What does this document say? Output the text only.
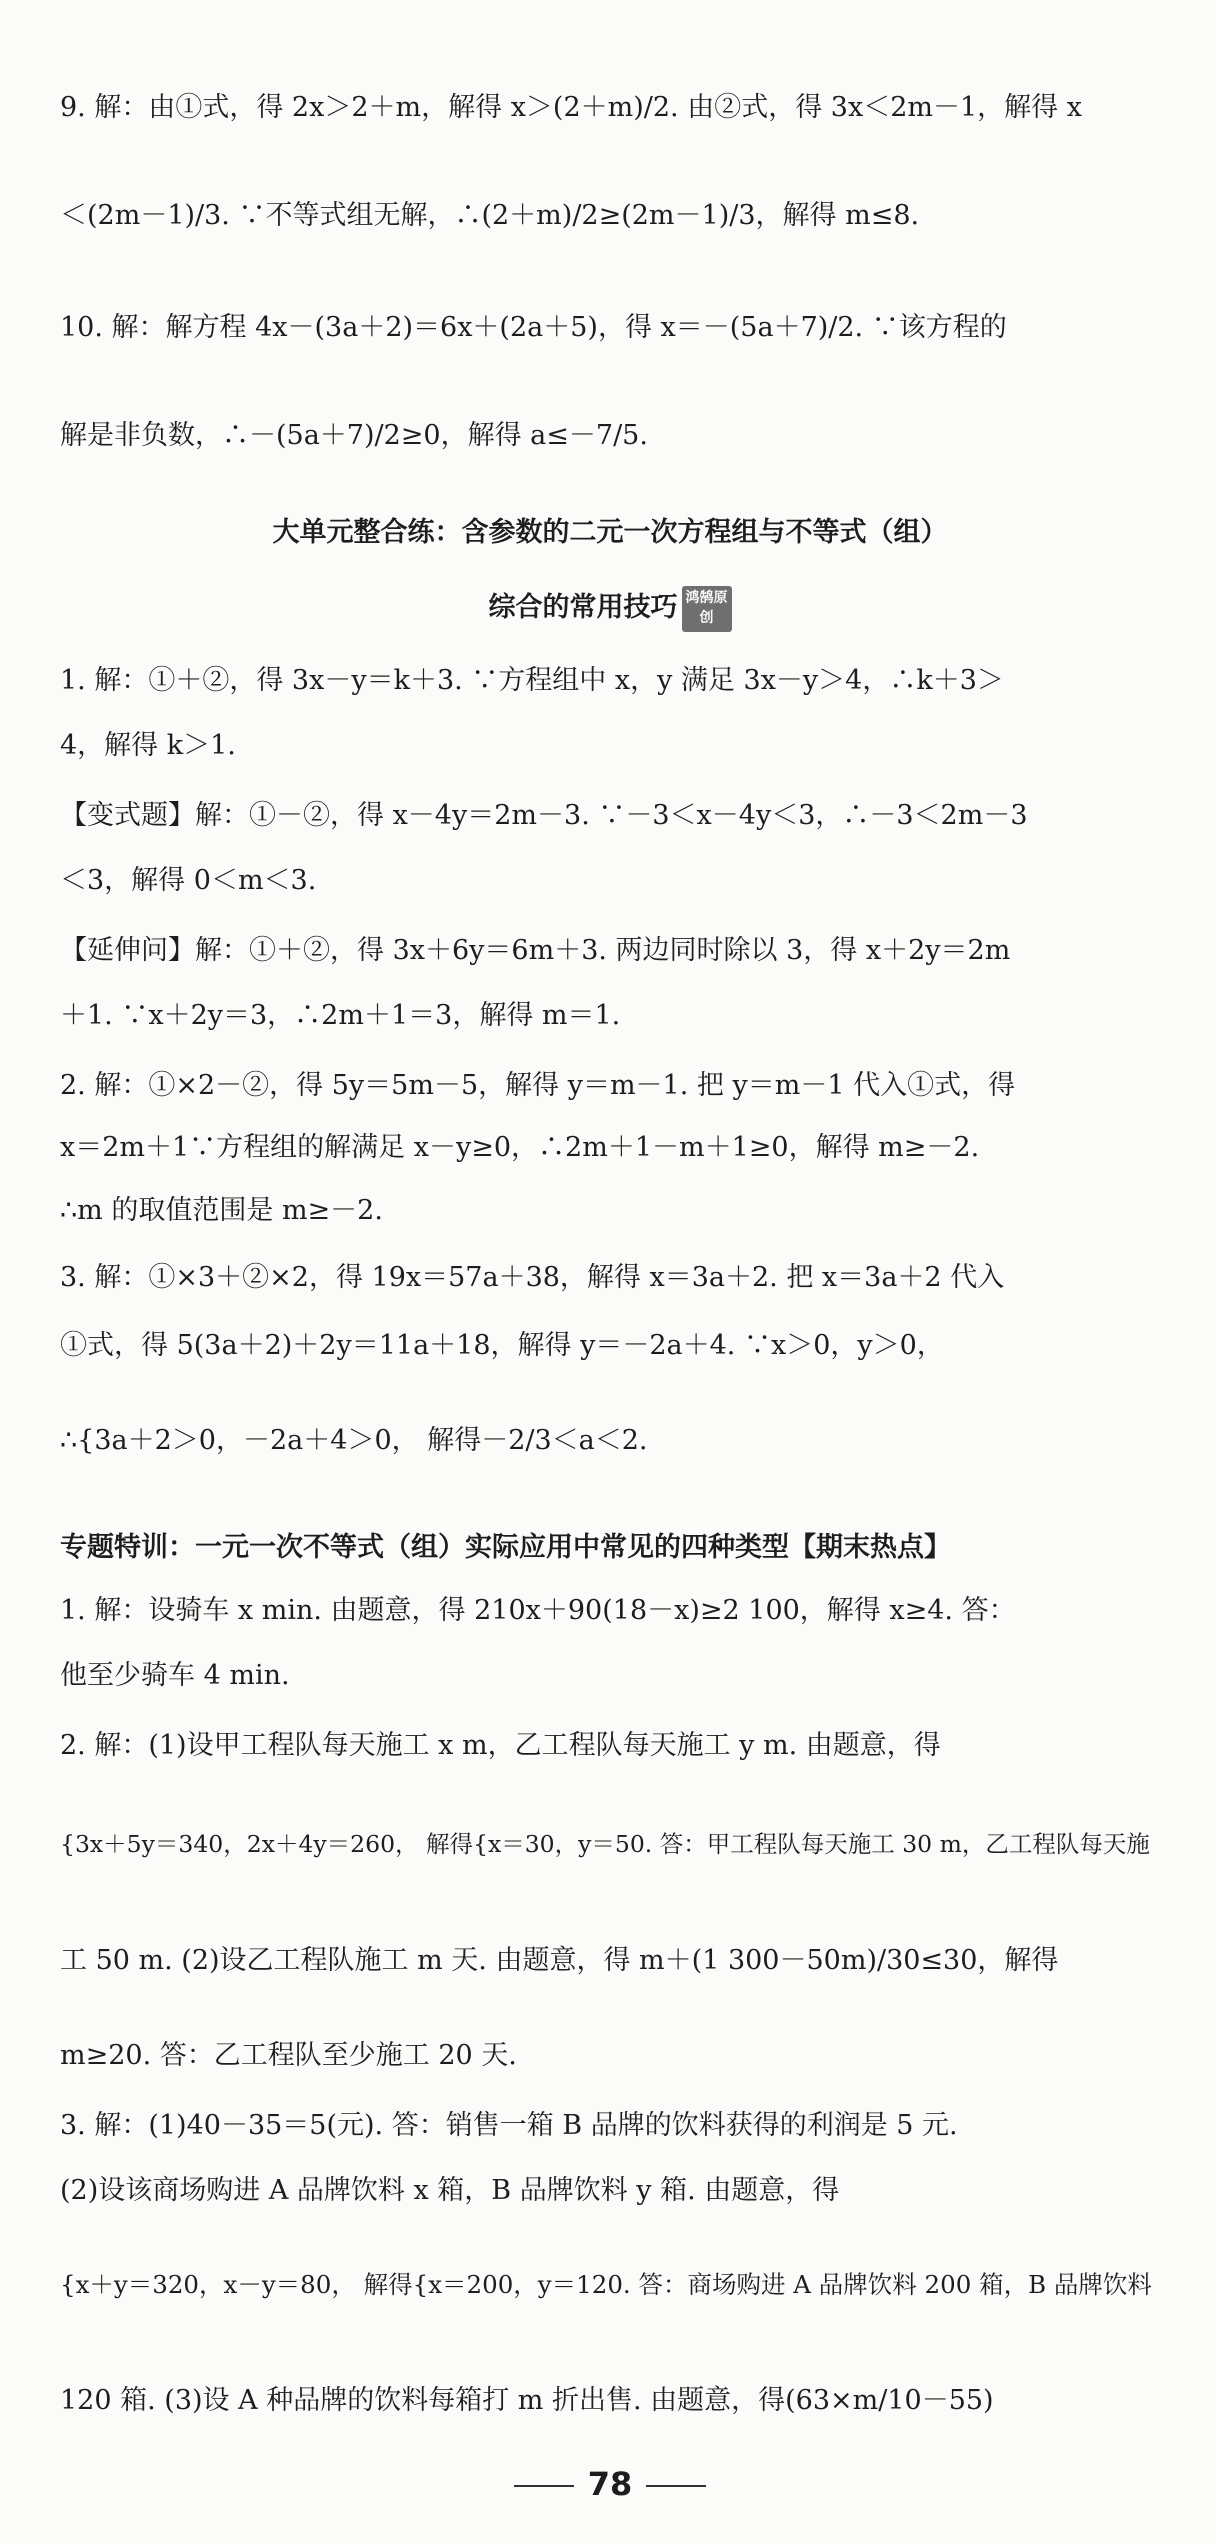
9. 解：由①式，得 2x＞2＋m，解得 x＞(2＋m)/2. 由②式，得 3x＜2m－1，解得 x
＜(2m－1)/3. ∵不等式组无解，∴(2＋m)/2≥(2m－1)/3，解得 m≤8.
10. 解：解方程 4x－(3a＋2)＝6x＋(2a＋5)，得 x＝－(5a＋7)/2. ∵该方程的
解是非负数，∴－(5a＋7)/2≥0，解得 a≤－7/5.
大单元整合练：含参数的二元一次方程组与不等式（组）
综合的常用技巧 鸿鹄原创
1. 解：①＋②，得 3x－y＝k＋3. ∵方程组中 x，y 满足 3x－y＞4，∴k＋3＞
4，解得 k＞1.
【变式题】解：①－②，得 x－4y＝2m－3. ∵－3＜x－4y＜3，∴－3＜2m－3
＜3，解得 0＜m＜3.
【延伸问】解：①＋②，得 3x＋6y＝6m＋3. 两边同时除以 3，得 x＋2y＝2m
＋1. ∵x＋2y＝3，∴2m＋1＝3，解得 m＝1.
2. 解：①×2－②，得 5y＝5m－5，解得 y＝m－1. 把 y＝m－1 代入①式，得
x＝2m＋1∵方程组的解满足 x－y≥0，∴2m＋1－m＋1≥0，解得 m≥－2.
∴m 的取值范围是 m≥－2.
3. 解：①×3＋②×2，得 19x＝57a＋38，解得 x＝3a＋2. 把 x＝3a＋2 代入
①式，得 5(3a＋2)＋2y＝11a＋18，解得 y＝－2a＋4. ∵x＞0，y＞0，
∴{3a＋2＞0，－2a＋4＞0， 解得－2/3＜a＜2.
专题特训：一元一次不等式（组）实际应用中常见的四种类型【期末热点】
1. 解：设骑车 x min. 由题意，得 210x＋90(18－x)≥2 100，解得 x≥4. 答：
他至少骑车 4 min.
2. 解：(1)设甲工程队每天施工 x m，乙工程队每天施工 y m. 由题意，得
{3x＋5y＝340，2x＋4y＝260， 解得{x＝30，y＝50. 答：甲工程队每天施工 30 m，乙工程队每天施
工 50 m. (2)设乙工程队施工 m 天. 由题意，得 m＋(1 300－50m)/30≤30，解得
m≥20. 答：乙工程队至少施工 20 天.
3. 解：(1)40－35＝5(元). 答：销售一箱 B 品牌的饮料获得的利润是 5 元.
(2)设该商场购进 A 品牌饮料 x 箱，B 品牌饮料 y 箱. 由题意，得
{x＋y＝320，x－y＝80， 解得{x＝200，y＝120. 答：商场购进 A 品牌饮料 200 箱，B 品牌饮料
120 箱. (3)设 A 种品牌的饮料每箱打 m 折出售. 由题意，得(63×m/10－55)
78
